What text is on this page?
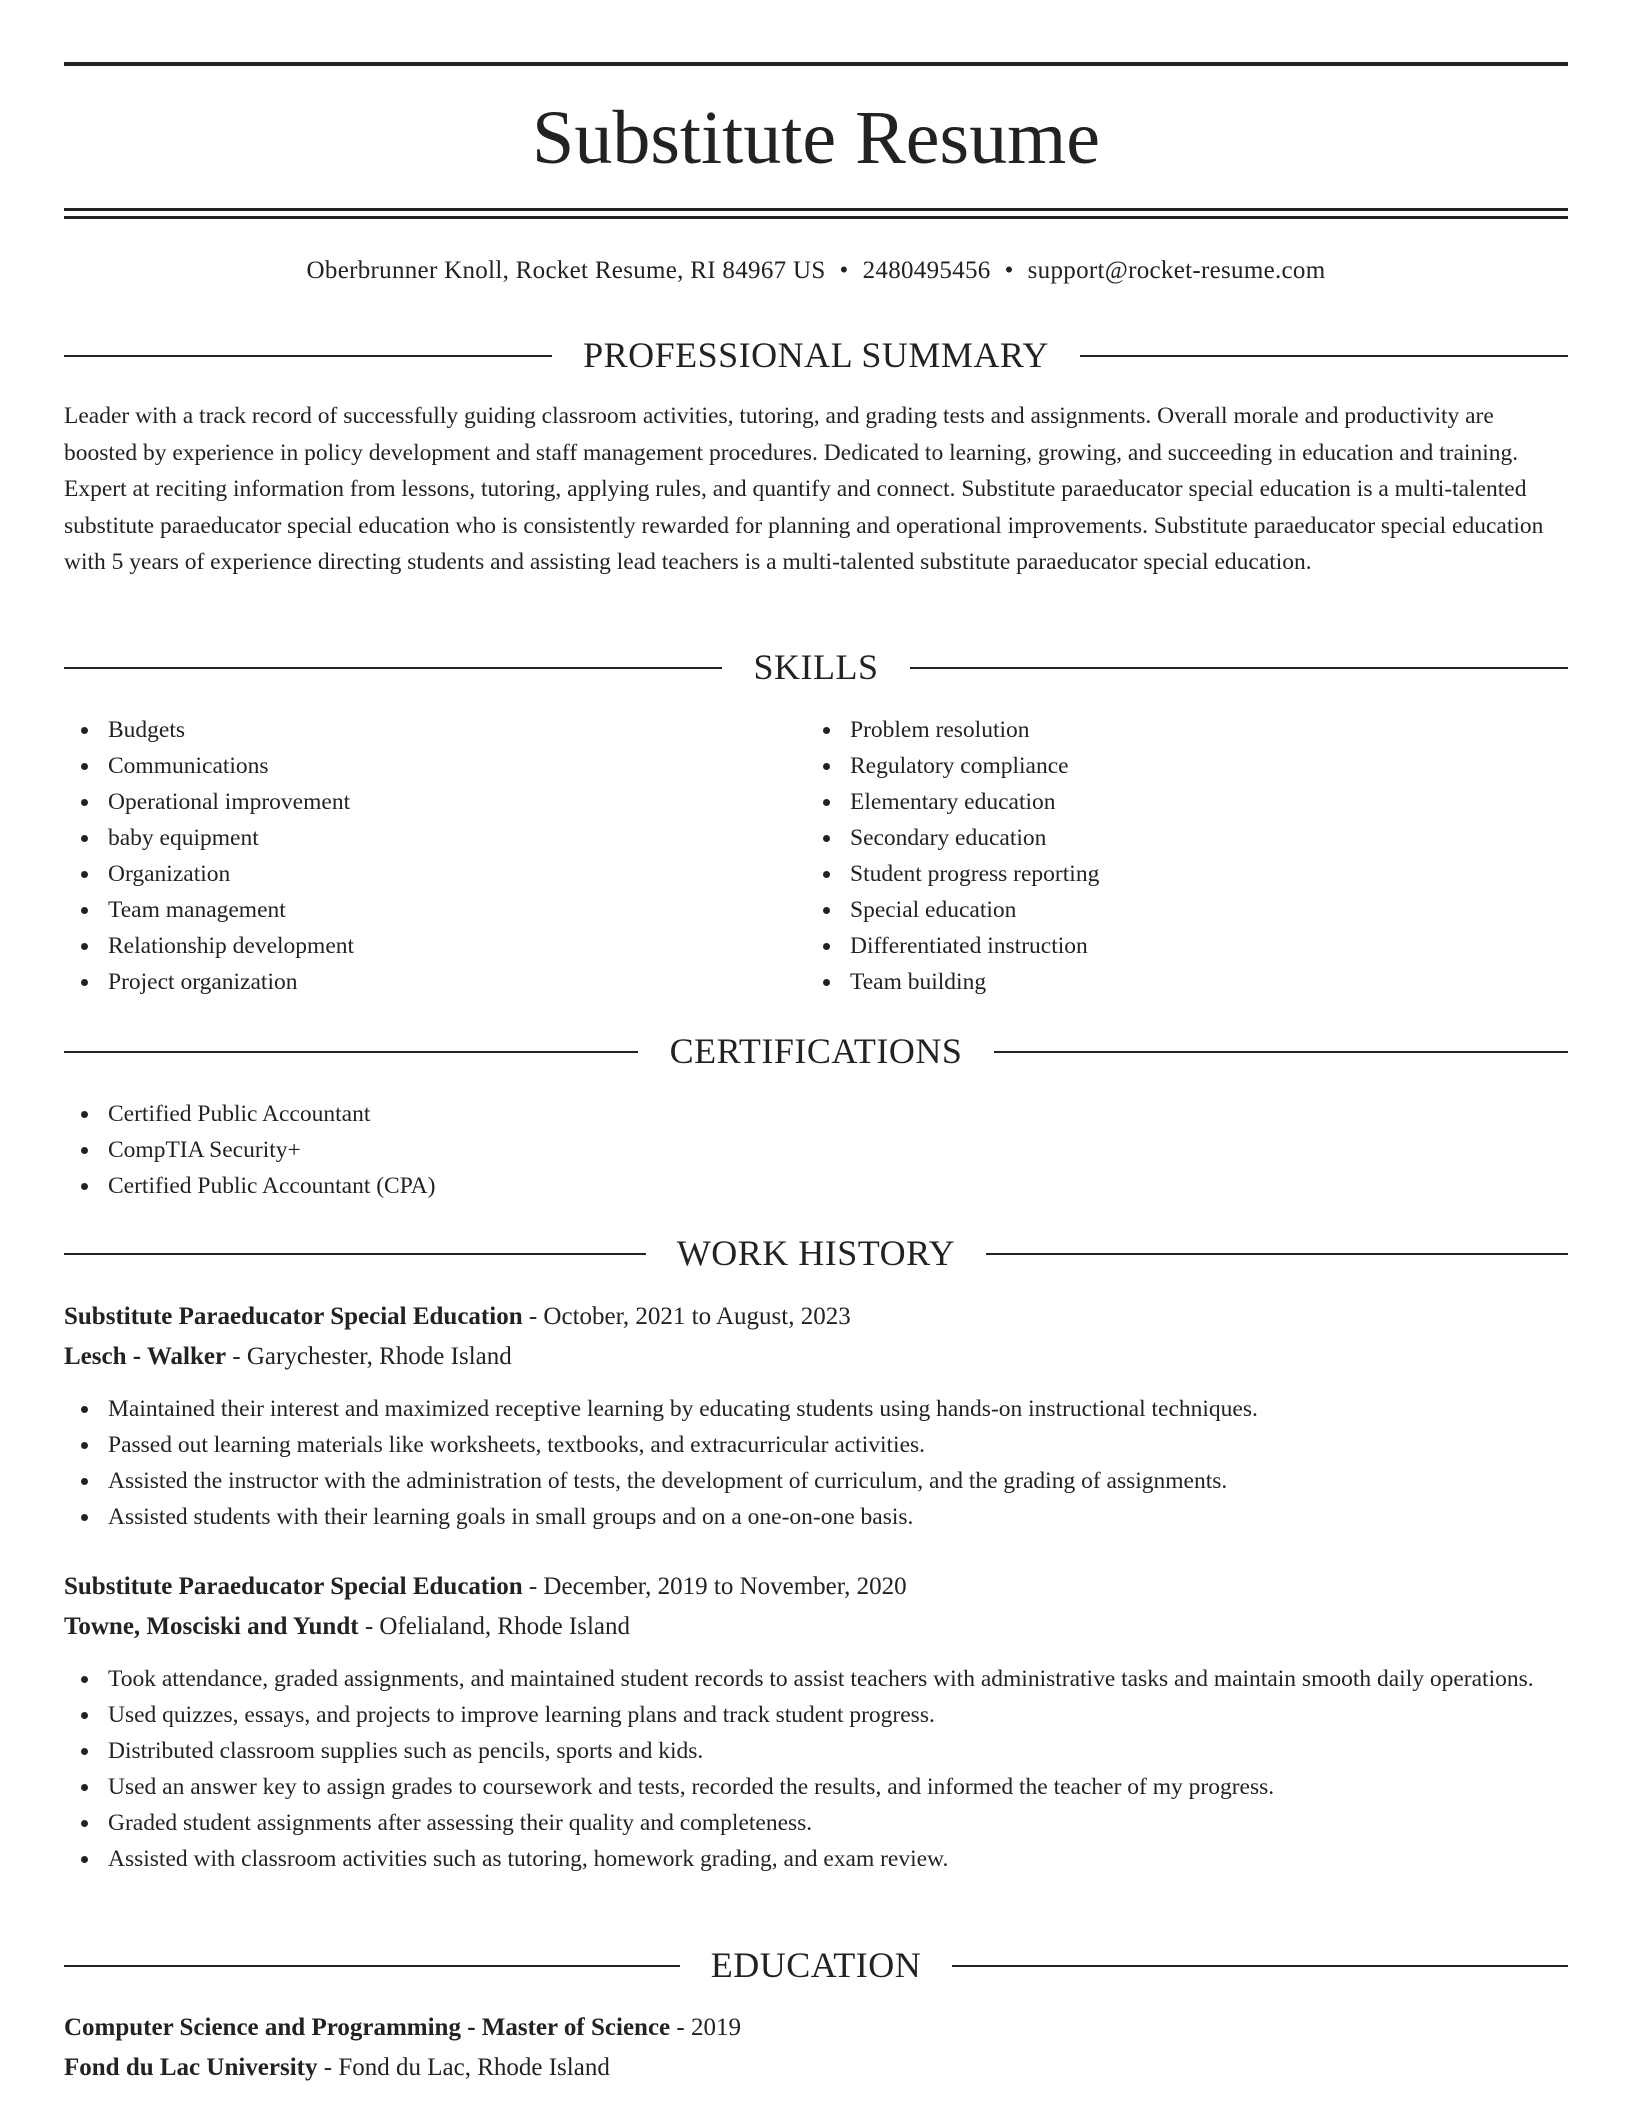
Substitute Resume
Oberbrunner Knoll, Rocket Resume, RI 84967 US • 2480495456 • support@rocket-resume.com
PROFESSIONAL SUMMARY
Leader with a track record of successfully guiding classroom activities, tutoring, and grading tests and assignments. Overall morale and productivity are boosted by experience in policy development and staff management procedures. Dedicated to learning, growing, and succeeding in education and training. Expert at reciting information from lessons, tutoring, applying rules, and quantify and connect. Substitute paraeducator special education is a multi-talented substitute paraeducator special education who is consistently rewarded for planning and operational improvements. Substitute paraeducator special education with 5 years of experience directing students and assisting lead teachers is a multi-talented substitute paraeducator special education.
SKILLS
Budgets
Communications
Operational improvement
baby equipment
Organization
Team management
Relationship development
Project organization
Problem resolution
Regulatory compliance
Elementary education
Secondary education
Student progress reporting
Special education
Differentiated instruction
Team building
CERTIFICATIONS
Certified Public Accountant
CompTIA Security+
Certified Public Accountant (CPA)
WORK HISTORY
Substitute Paraeducator Special Education - October, 2021 to August, 2023
Lesch - Walker - Garychester, Rhode Island
Maintained their interest and maximized receptive learning by educating students using hands-on instructional techniques.
Passed out learning materials like worksheets, textbooks, and extracurricular activities.
Assisted the instructor with the administration of tests, the development of curriculum, and the grading of assignments.
Assisted students with their learning goals in small groups and on a one-on-one basis.
Substitute Paraeducator Special Education - December, 2019 to November, 2020
Towne, Mosciski and Yundt - Ofelialand, Rhode Island
Took attendance, graded assignments, and maintained student records to assist teachers with administrative tasks and maintain smooth daily operations.
Used quizzes, essays, and projects to improve learning plans and track student progress.
Distributed classroom supplies such as pencils, sports and kids.
Used an answer key to assign grades to coursework and tests, recorded the results, and informed the teacher of my progress.
Graded student assignments after assessing their quality and completeness.
Assisted with classroom activities such as tutoring, homework grading, and exam review.
EDUCATION
Computer Science and Programming - Master of Science - 2019
Fond du Lac University - Fond du Lac, Rhode Island
